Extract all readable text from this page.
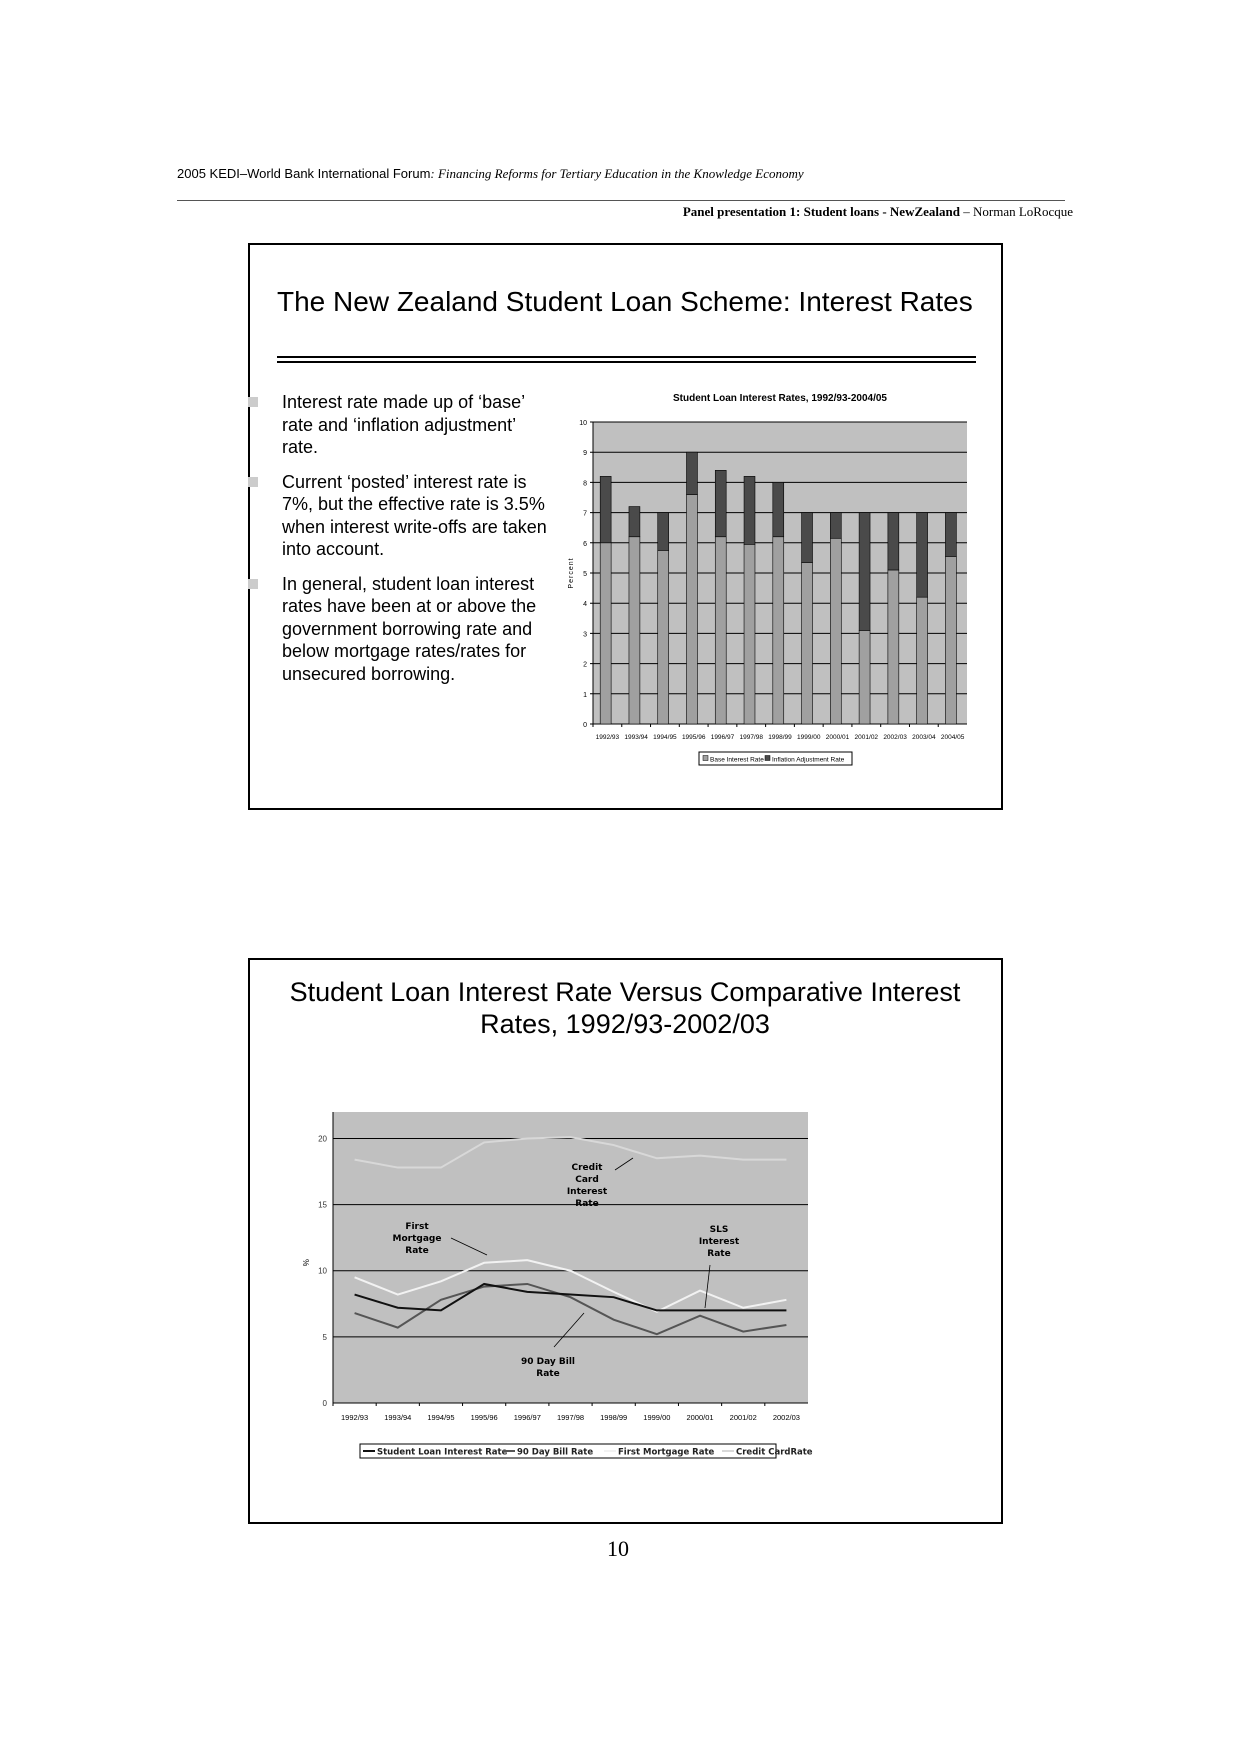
2005 KEDI–World Bank International Forum: Financing Reforms for Tertiary Education in the Knowledge Economy
Panel presentation 1: Student loans - NewZealand – Norman LoRocque
The New Zealand Student Loan Scheme: Interest Rates
Interest rate made up of ‘base’ rate and ‘inflation adjustment’ rate.
Current ‘posted’ interest rate is 7%, but the effective rate is 3.5% when interest write-offs are taken into account.
In general, student loan interest rates have been at or above the government borrowing rate and below mortgage rates/rates for unsecured borrowing.
Student Loan Interest Rate Versus Comparative Interest Rates, 1992/93-2002/03
Student Loan Interest Rates, 1992/93-2004/05
0
1
2
3
4
5
6
7
8
9
10
Percent
1992/93 1993/94 1994/95 1995/96 1996/97 1997/98 1998/99 1999/00 2000/01 2001/02 2002/03 2003/04 2004/05
Base Interest Rate Inflation Adjustment Rate
0
5
10
15
20
%
1992/93 1993/94 1994/95 1995/96 1996/97 1997/98 1998/99 1999/00 2000/01 2001/02 2002/03
Credit
Card
Interest
Rate
First
Mortgage
Rate
SLS
Interest
Rate
90 Day Bill
Rate
Student Loan Interest Rate 90 Day Bill Rate	First Mortgage Rate	Credit CardRate
10
